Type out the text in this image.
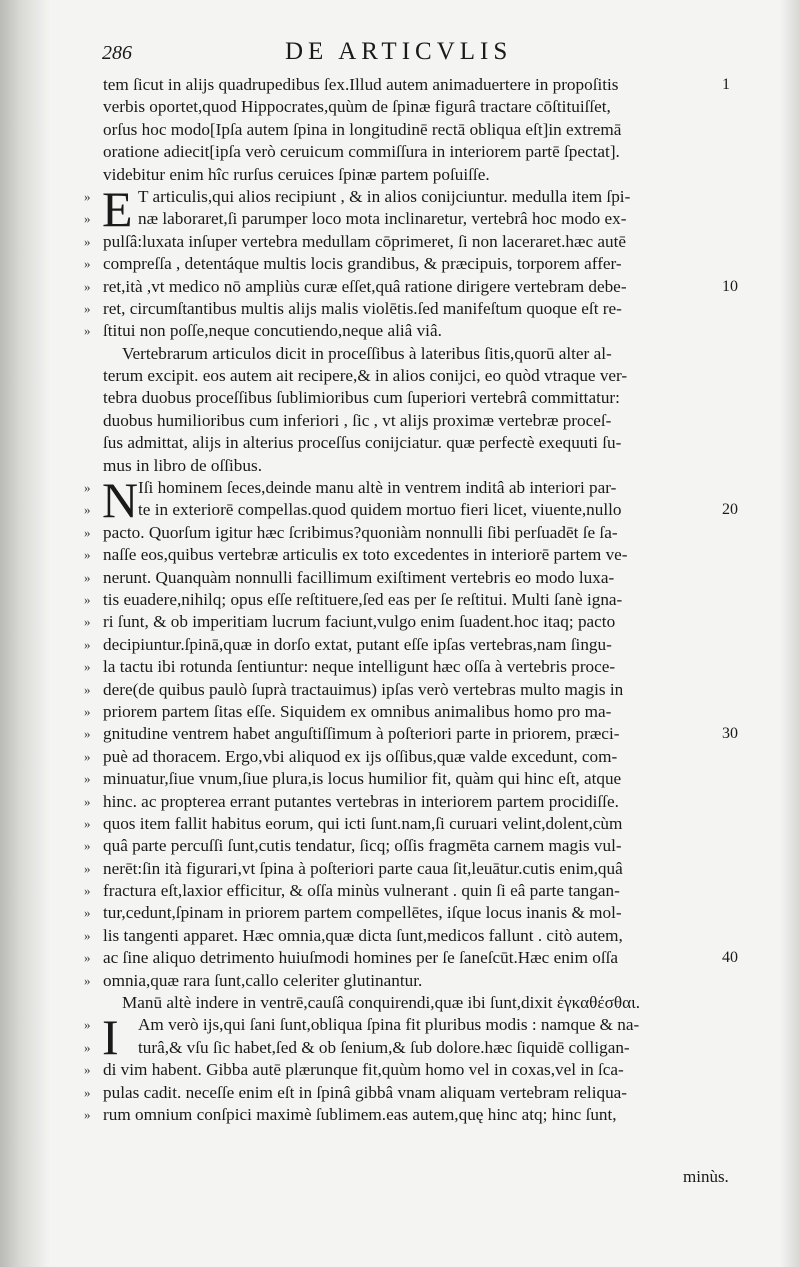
286	DE ARTICVLIS
tem ſicut in alijs quadrupedibus ſex.Illud autem animaduertere in propoſitis	1
verbis oportet,quod Hippocrates,quùm de ſpinæ figurâ tractare cōſtituiſſet,
orſus hoc modo[Ipſa autem ſpina in longitudinē rectā obliqua eſt]in extremā
oratione adiecit[ipſa verò ceruicum commiſſura in interiorem partē ſpectat].
videbitur enim hîc rurſus ceruices ſpinæ partem poſuiſſe.
E
»	T articulis,qui alios recipiunt , & in alios conijciuntur. medulla item ſpi-
»	næ laboraret,ſi parumper loco mota inclinaretur, vertebrâ hoc modo ex-
» pulſâ:luxata inſuper vertebra medullam cōprimeret, ſi non laceraret.hæc autē
» compreſſa , detentáque multis locis grandibus, & præcipuis, torporem affer-
» ret,ità ,vt medico nō ampliùs curæ eſſet,quâ ratione dirigere vertebram debe-	10
» ret, circumſtantibus multis alijs malis violētis.ſed manifeſtum quoque eſt re-
» ſtitui non poſſe,neque concutiendo,neque aliâ viâ.
Vertebrarum articulos dicit in proceſſibus à lateribus ſitis,quorū alter al-
terum excipit. eos autem ait recipere,& in alios conijci, eo quòd vtraque ver-
tebra duobus proceſſibus ſublimioribus cum ſuperiori vertebrâ committatur:
duobus humilioribus cum inferiori , ſic , vt alijs proximæ vertebræ proceſ-
ſus admittat, alijs in alterius proceſſus conijciatur. quæ perfectè exequuti ſu-
mus in libro de oſſibus.
N
»	Iſi hominem ſeces,deinde manu altè in ventrem inditâ ab interiori par-
»	te in exteriorē compellas.quod quidem mortuo fieri licet, viuente,nullo	20
» pacto. Quorſum igitur hæc ſcribimus?quoniàm nonnulli ſibi perſuadēt ſe ſa-
» naſſe eos,quibus vertebræ articulis ex toto excedentes in interiorē partem ve-
» nerunt. Quanquàm nonnulli facillimum exiſtiment vertebris eo modo luxa-
» tis euadere,nihilq; opus eſſe reſtituere,ſed eas per ſe reſtitui. Multi ſanè igna-
» ri ſunt, & ob imperitiam lucrum faciunt,vulgo enim ſuadent.hoc itaq; pacto
» decipiuntur.ſpinā,quæ in dorſo extat, putant eſſe ipſas vertebras,nam ſingu-
» la tactu ibi rotunda ſentiuntur: neque intelligunt hæc oſſa à vertebris proce-
» dere(de quibus paulò ſuprà tractauimus) ipſas verò vertebras multo magis in
» priorem partem ſitas eſſe. Siquidem ex omnibus animalibus homo pro ma-
» gnitudine ventrem habet anguſtiſſimum à poſteriori parte in priorem, præci-	30
» puè ad thoracem. Ergo,vbi aliquod ex ijs oſſibus,quæ valde excedunt, com-
» minuatur,ſiue vnum,ſiue plura,is locus humilior fit, quàm qui hinc eſt, atque
» hinc. ac propterea errant putantes vertebras in interiorem partem procidiſſe.
» quos item fallit habitus eorum, qui icti ſunt.nam,ſi curuari velint,dolent,cùm
» quâ parte percuſſi ſunt,cutis tendatur, ſicq; oſſis fragmēta carnem magis vul-
» nerēt:ſin ità figurari,vt ſpina à poſteriori parte caua ſit,leuātur.cutis enim,quâ
» fractura eſt,laxior efficitur, & oſſa minùs vulnerant . quin ſi eâ parte tangan-
» tur,cedunt,ſpinam in priorem partem compellētes, iſque locus inanis & mol-
» lis tangenti apparet. Hæc omnia,quæ dicta ſunt,medicos fallunt . citò autem,
» ac ſine aliquo detrimento huiuſmodi homines per ſe ſaneſcūt.Hæc enim oſſa	40
» omnia,quæ rara ſunt,callo celeriter glutinantur.
Manū altè indere in ventrē,cauſâ conquirendi,quæ ibi ſunt,dixit ἐγκαθέσθαι.
I
»	Am verò ijs,qui ſani ſunt,obliqua ſpina fit pluribus modis : namque & na-
»	turâ,& vſu ſic habet,ſed & ob ſenium,& ſub dolore.hæc ſiquidē colligan-
» di vim habent. Gibba autē plærunque fit,quùm homo vel in coxas,vel in ſca-
» pulas cadit. neceſſe enim eſt in ſpinâ gibbâ vnam aliquam vertebram reliqua-
» rum omnium conſpici maximè ſublimem.eas autem,quę hinc atq; hinc ſunt,
minùs.
